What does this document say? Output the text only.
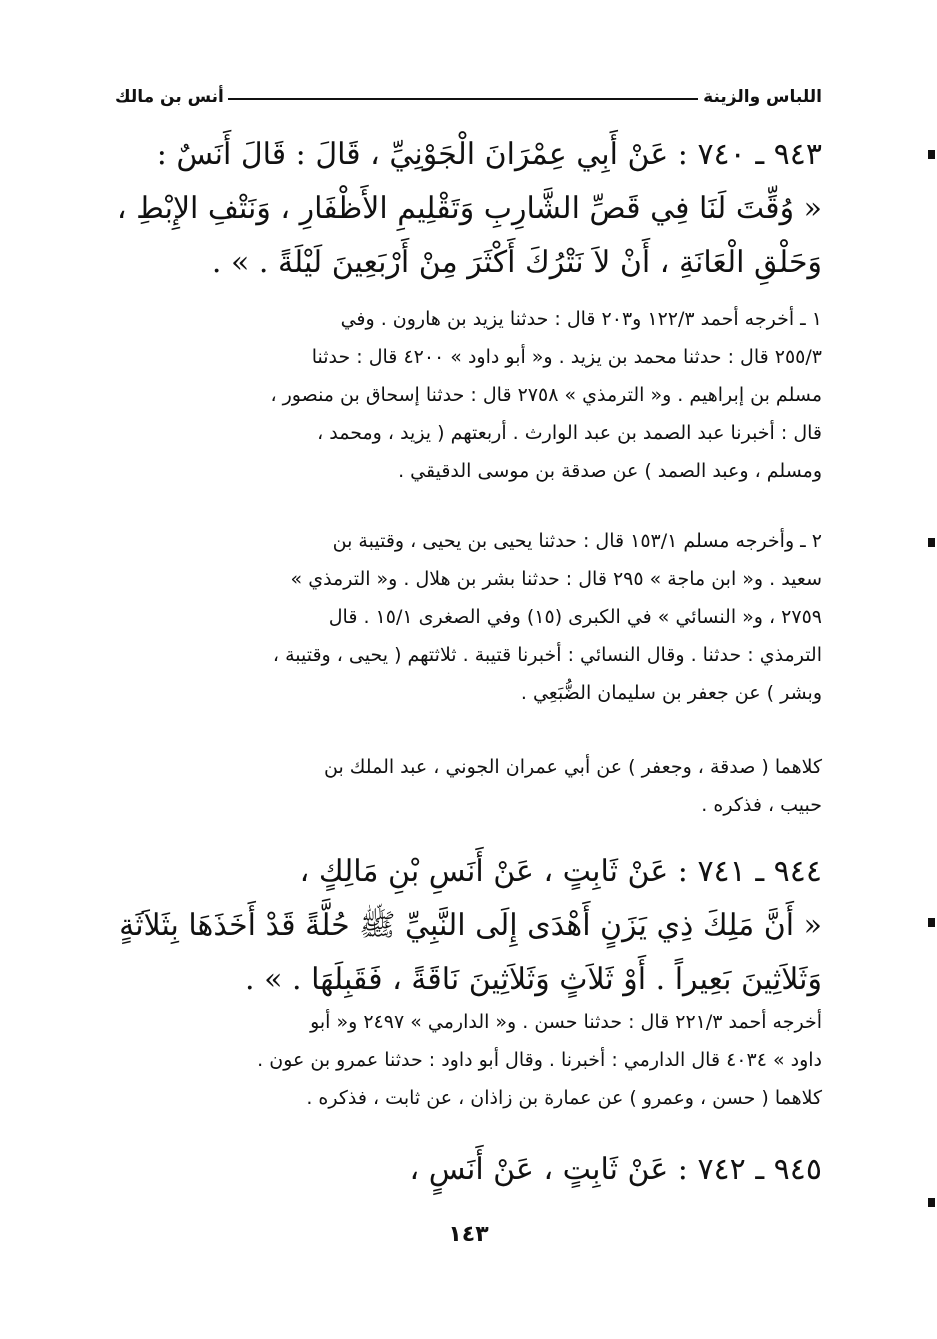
اللباس والزينة
أنس بن مالك
٩٤٣ ـ ٧٤٠ : عَنْ أَبِي عِمْرَانَ الْجَوْنِيِّ ، قَالَ : قَالَ أَنَسٌ :
« وُقِّتَ لَنَا فِي قَصِّ الشَّارِبِ وَتَقْلِيمِ الأَظْفَارِ ، وَنَتْفِ الإِبْطِ ،
وَحَلْقِ الْعَانَةِ ، أَنْ لاَ نَتْرُكَ أَكْثَرَ مِنْ أَرْبَعِينَ لَيْلَةً . » .
١ ـ أخرجه أحمد ١٢٢/٣ و٢٠٣ قال : حدثنا يزيد بن هارون . وفي
٢٥٥/٣ قال : حدثنا محمد بن يزيد . و« أبو داود » ٤٢٠٠ قال : حدثنا
مسلم بن إبراهيم . و« الترمذي » ٢٧٥٨ قال : حدثنا إسحاق بن منصور ،
قال : أخبرنا عبد الصمد بن عبد الوارث . أربعتهم ( يزيد ، ومحمد ،
ومسلم ، وعبد الصمد ) عن صدقة بن موسى الدقيقي .
٢ ـ وأخرجه مسلم ١٥٣/١ قال : حدثنا يحيى بن يحيى ، وقتيبة بن
سعيد . و« ابن ماجة » ٢٩٥ قال : حدثنا بشر بن هلال . و« الترمذي »
٢٧٥٩ ، و« النسائي » في الكبرى (١٥) وفي الصغرى ١٥/١ . قال
الترمذي : حدثنا . وقال النسائي : أخبرنا قتيبة . ثلاثتهم ( يحيى ، وقتيبة ،
وبشر ) عن جعفر بن سليمان الضُّبَعِي .
كلاهما ( صدقة ، وجعفر ) عن أبي عمران الجوني ، عبد الملك بن
حبيب ، فذكره .
٩٤٤ ـ ٧٤١ : عَنْ ثَابِتٍ ، عَنْ أَنَسِ بْنِ مَالِكٍ ،
« أَنَّ مَلِكَ ذِي يَزَنٍ أَهْدَى إِلَى النَّبِيِّ ﷺ حُلَّةً قَدْ أَخَذَهَا بِثَلاَثَةٍ
وَثَلاَثِينَ بَعِيراً . أَوْ ثَلاَثٍ وَثَلاَثِينَ نَاقَةً ، فَقَبِلَهَا . » .
أخرجه أحمد ٢٢١/٣ قال : حدثنا حسن . و« الدارمي » ٢٤٩٧ و« أبو
داود » ٤٠٣٤ قال الدارمي : أخبرنا . وقال أبو داود : حدثنا عمرو بن عون .
كلاهما ( حسن ، وعمرو ) عن عمارة بن زاذان ، عن ثابت ، فذكره .
٩٤٥ ـ ٧٤٢ : عَنْ ثَابِتٍ ، عَنْ أَنَسٍ ،
١٤٣
